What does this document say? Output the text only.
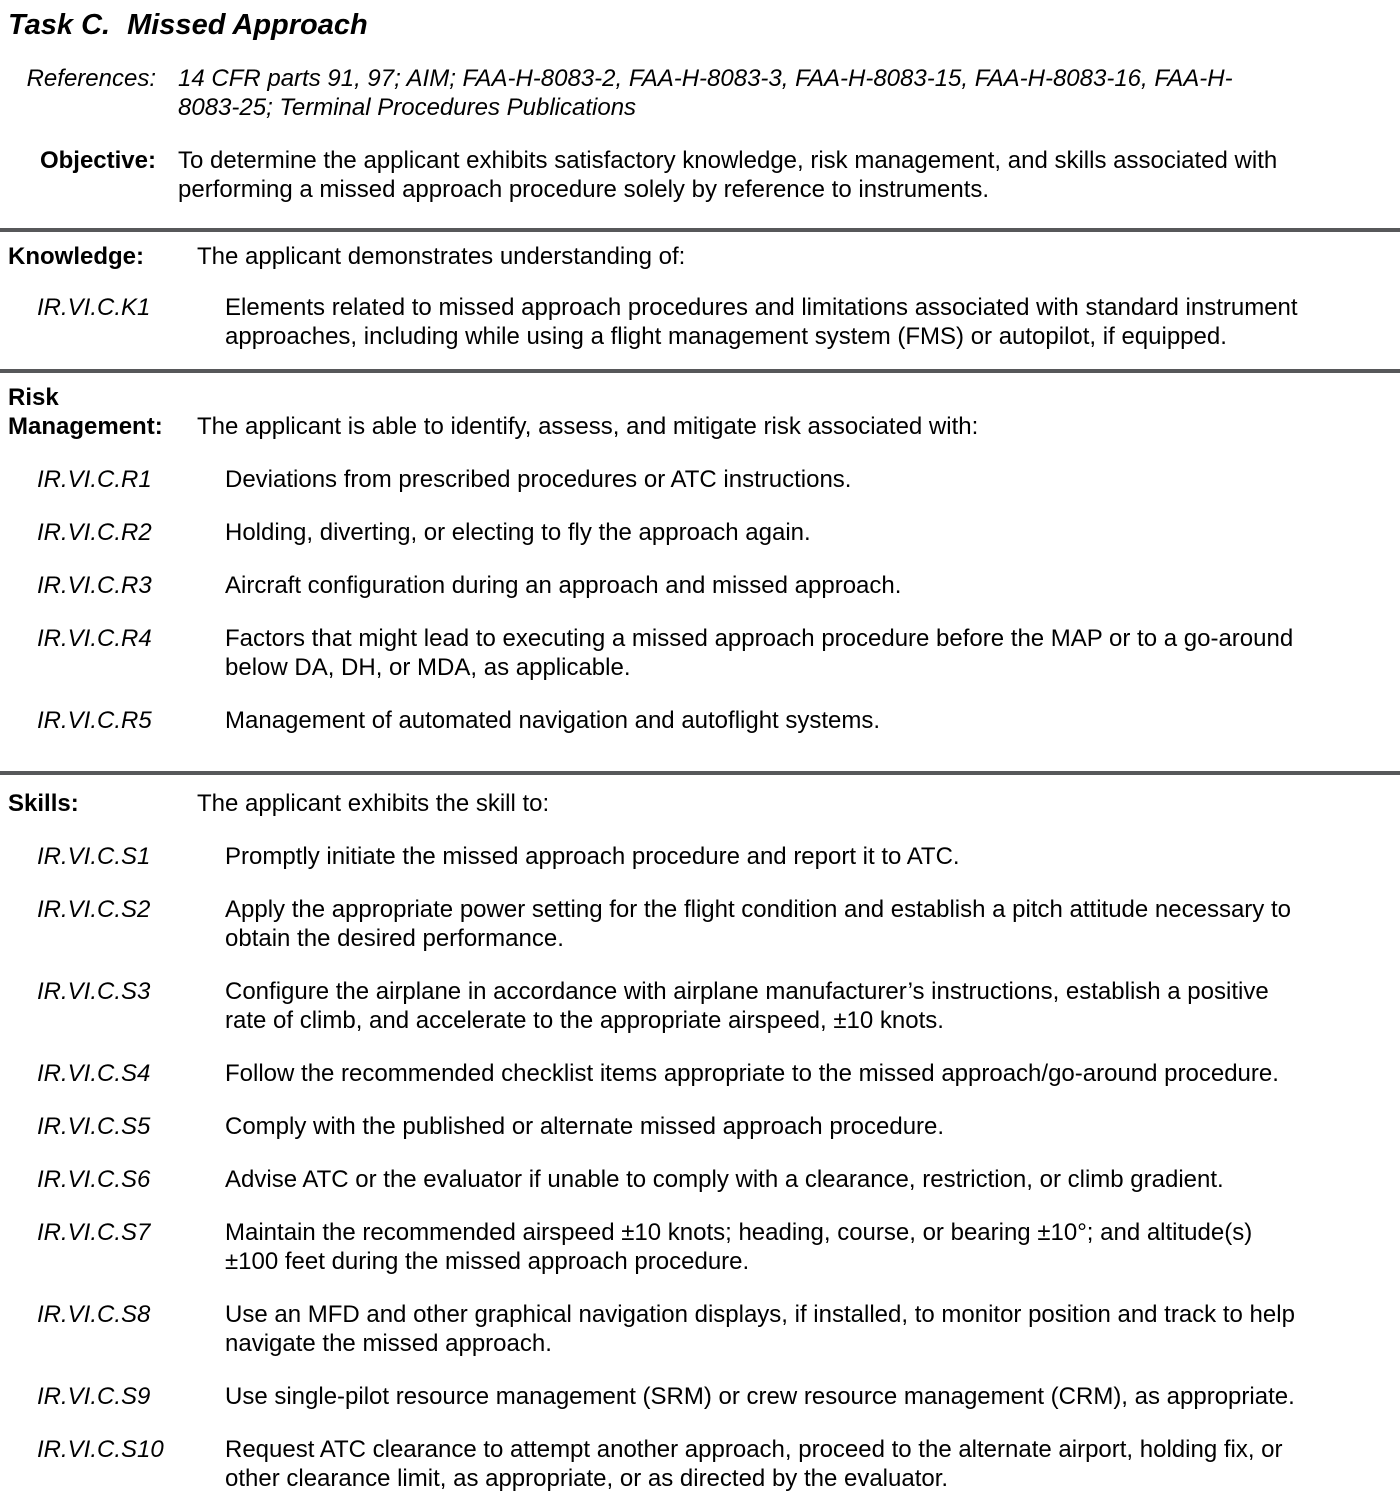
Task C. Missed Approach
References: 14 CFR parts 91, 97; AIM; FAA-H-8083-2, FAA-H-8083-3, FAA-H-8083-15, FAA-H-8083-16, FAA-H-8083-25; Terminal Procedures Publications
Objective: To determine the applicant exhibits satisfactory knowledge, risk management, and skills associated with performing a missed approach procedure solely by reference to instruments.
Knowledge:	The applicant demonstrates understanding of:
IR.VI.C.K1	Elements related to missed approach procedures and limitations associated with standard instrument approaches, including while using a flight management system (FMS) or autopilot, if equipped.
Risk
Management:	The applicant is able to identify, assess, and mitigate risk associated with:
IR.VI.C.R1	Deviations from prescribed procedures or ATC instructions.
IR.VI.C.R2	Holding, diverting, or electing to fly the approach again.
IR.VI.C.R3	Aircraft configuration during an approach and missed approach.
IR.VI.C.R4	Factors that might lead to executing a missed approach procedure before the MAP or to a go-around below DA, DH, or MDA, as applicable.
IR.VI.C.R5	Management of automated navigation and autoflight systems.
Skills:	The applicant exhibits the skill to:
IR.VI.C.S1	Promptly initiate the missed approach procedure and report it to ATC.
IR.VI.C.S2	Apply the appropriate power setting for the flight condition and establish a pitch attitude necessary to obtain the desired performance.
IR.VI.C.S3	Configure the airplane in accordance with airplane manufacturer’s instructions, establish a positive rate of climb, and accelerate to the appropriate airspeed, ±10 knots.
IR.VI.C.S4	Follow the recommended checklist items appropriate to the missed approach/go-around procedure.
IR.VI.C.S5	Comply with the published or alternate missed approach procedure.
IR.VI.C.S6	Advise ATC or the evaluator if unable to comply with a clearance, restriction, or climb gradient.
IR.VI.C.S7	Maintain the recommended airspeed ±10 knots; heading, course, or bearing ±10°; and altitude(s) ±100 feet during the missed approach procedure.
IR.VI.C.S8	Use an MFD and other graphical navigation displays, if installed, to monitor position and track to help navigate the missed approach.
IR.VI.C.S9	Use single-pilot resource management (SRM) or crew resource management (CRM), as appropriate.
IR.VI.C.S10	Request ATC clearance to attempt another approach, proceed to the alternate airport, holding fix, or other clearance limit, as appropriate, or as directed by the evaluator.
